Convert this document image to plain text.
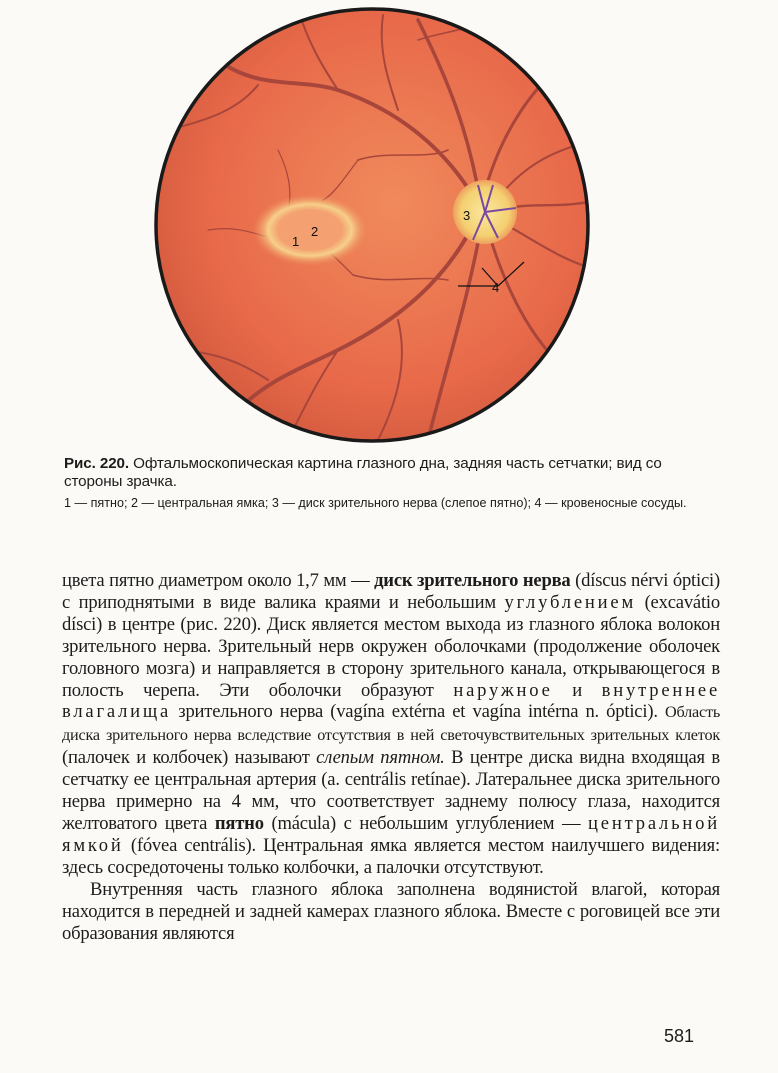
1
2
3
4

Рис. 220. Офтальмоскопическая картина глазного дна, задняя часть сетчатки; вид со стороны зрачка.

1 — пятно; 2 — центральная ямка; 3 — диск зрительного нерва (слепое пятно); 4 — кровеносные сосуды.

цвета пятно диаметром около 1,7 мм — диск зрительного нерва (díscus nérvi óptici) с приподнятыми в виде валика краями и небольшим углублением (excavátio dísci) в центре (рис. 220). Диск является местом выхода из глазного яблока волокон зрительного нерва. Зрительный нерв окружен оболочками (продолжение оболочек головного мозга) и направляется в сторону зрительного канала, открывающегося в полость черепа. Эти оболочки образуют наружное и внутреннее влагалища зрительного нерва (vagína extérna et vagína intérna n. óptici). Область диска зрительного нерва вследствие отсутствия в ней светочувствительных зрительных клеток (палочек и колбочек) называют слепым пятном. В центре диска видна входящая в сетчатку ее центральная артерия (a. centrális retínae). Латеральнее диска зрительного нерва примерно на 4 мм, что соответствует заднему полюсу глаза, находится желтоватого цвета пятно (mácula) с небольшим углублением — центральной ямкой (fóvea centrális). Центральная ямка является местом наилучшего видения: здесь сосредоточены только колбочки, а палочки отсутствуют.

Внутренняя часть глазного яблока заполнена водянистой влагой, которая находится в передней и задней камерах глазного яблока. Вместе с роговицей все эти образования являются

581
